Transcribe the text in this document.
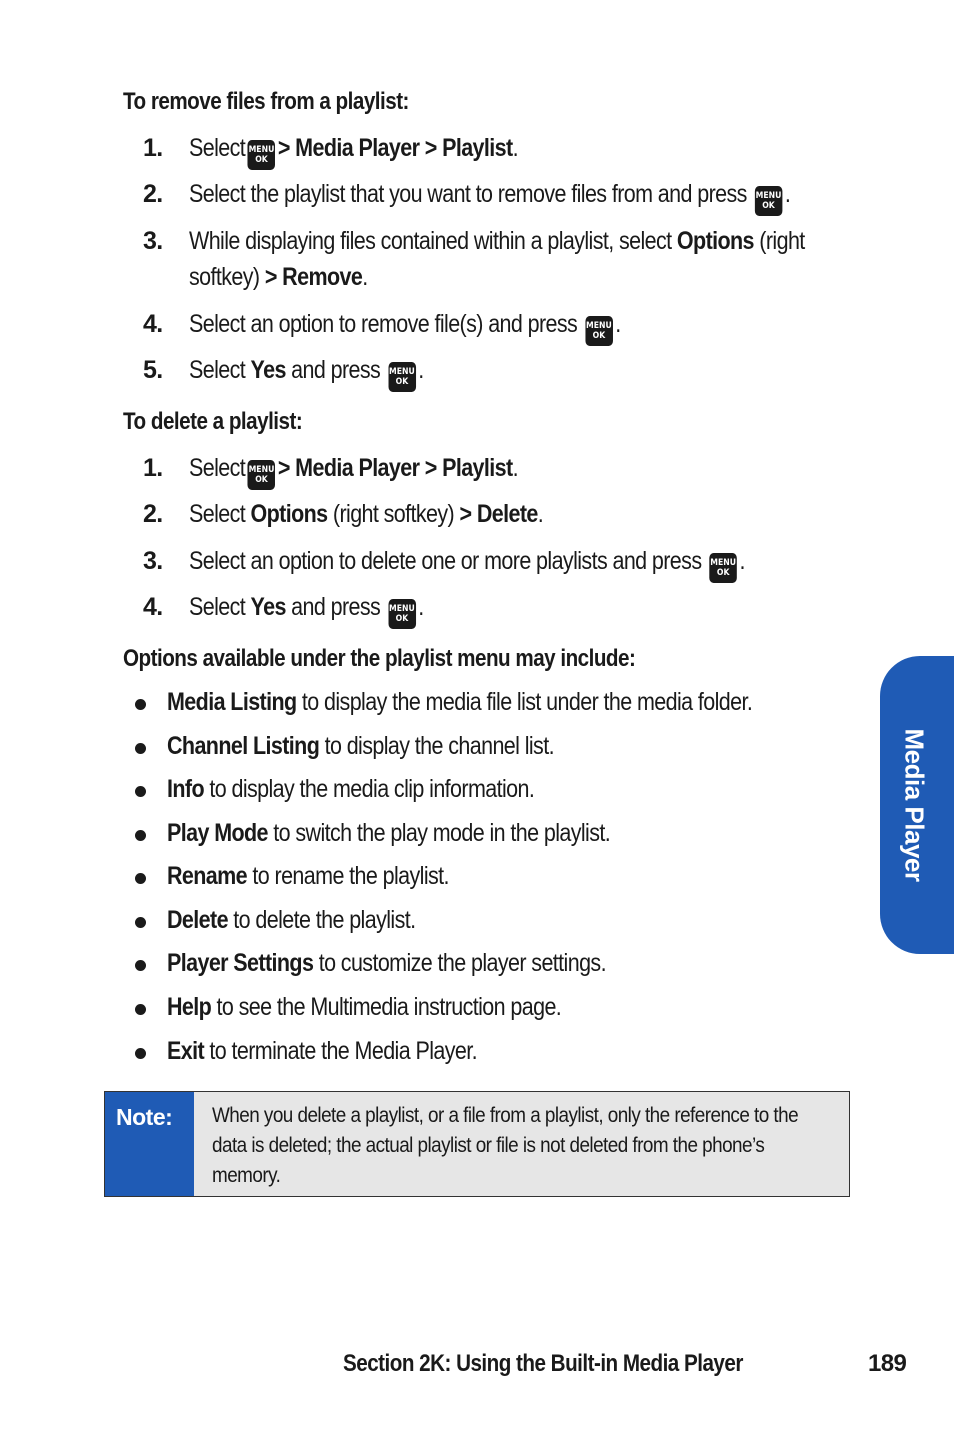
To remove files from a playlist:
1. Select MENU
OK > Media Player > Playlist.
2. Select the playlist that you want to remove files from and press MENU
OK .
3. While displaying files contained within a playlist, select Options (right
softkey) > Remove.
4. Select an option to remove file(s) and press MENU
OK .
5. Select Yes and press MENU
OK .
To delete a playlist:
1. Select MENU
OK > Media Player > Playlist.
2. Select Options (right softkey) > Delete.
3. Select an option to delete one or more playlists and press MENU
OK .
4. Select Yes and press MENU
OK .
Options available under the playlist menu may include:
Media Listing to display the media file list under the media folder.
Channel Listing to display the channel list.
Info to display the media clip information.
Play Mode to switch the play mode in the playlist.
Rename to rename the playlist.
Delete to delete the playlist.
Player Settings to customize the player settings.
Help to see the Multimedia instruction page.
Exit to terminate the Media Player.
Note: When you delete a playlist, or a file from a playlist, only the reference to the data is deleted; the actual playlist or file is not deleted from the phone’s memory.
Media Player
Section 2K: Using the Built-in Media Player	189
